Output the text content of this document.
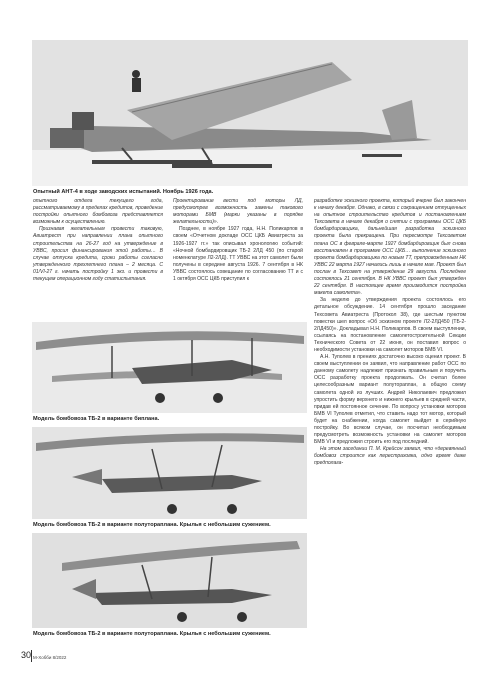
Опытный АНТ-4 в ходе заводских испытаний. Ноябрь 1926 года.
Модель бомбовоза ТБ-2 в варианте биплана.
Модель бомбовоза ТБ-2 в варианте полутораплана. Крылья с небольшим сужением.
Модель бомбовоза ТБ-2 в варианте полутораплана. Крылья с небольшим сужением.

опытного отдела текущего года, рассматриваемому в пределах кредитов, проведение постройки опытного бомбовоза представляется возможным к осуществлению.

Признавая желательным провести таковую, Авиатрест при направлении плана опытного строительства на 26-27 год на утверждение в УВВС, просил финансирования этой работы… В случае отпуска кредита, сроки работы согласно утвержденного трехлетнего плана – 2 месяца. С 01/VI-27 г. начать постройку 1 экз. и провести в текущем операционном году статиспытания.

Проектирование вести под моторы ЛД, предусмотрев возможность замены такового моторами БМВ (марки указаны в порядке желательности)».

Позднее, в ноябре 1927 года, Н.Н. Поликарпов в своем «Отчетном докладе ОСС ЦКБ Авиатреста за 1926-1927 гг.» так описывал хронологию событий: «Ночной бомбардировщик ТБ-2 2ЛД 450 (по старой номенклатуре Л2-2ЛД). ТТ УВВС на этот самолет были получены в середине августа 1926. 7 сентября в НК УВВС состоялось совещание по согласованию ТТ и с 1 октября ОСС ЦКБ приступил к

разработке эскизного проекта, который вчерне был закончен к началу декабря. Однако, в связи с сокращением отпущенных на опытное строительство кредитов и постановлением Техсовета в начале декабря о снятии с программы ОСС ЦКБ бомбардировщика, дальнейшая разработка эскизного проекта была прекращена. При пересмотре Техсоветом плана ОС в феврале-марте 1927 бомбардировщик был снова восстановлен в программе ОСС ЦКБ… выполнение эскизного проекта бомбардировщика по новым ТТ, препровожденным НК УВВС 22 марта 1927 начались лишь в начале мая. Проект был послан в Техсовет на утверждение 29 августа. Последнее состоялось 21 сентября. В НК УВВС проект был утвержден 22 сентября. В настоящее время производится постройка макета самолета».

За неделю до утверждения проекта состоялось его детальное обсуждение. 14 сентября прошло заседание Техсовета Авиатреста (Протокол 38), где шестым пунктом повестки шел вопрос «Об эскизном проекте Л2-2ЛД450 (ТБ-2-2ЛД450)». Докладывал Н.Н. Поликарпов. В своем выступлении, ссылаясь на постановление самолетостроительной Секции Технического Совета от 22 июня, он поставил вопрос о необходимости установки на самолет моторов БМВ VI.

А.Н. Туполев в прениях достаточно высоко оценил проект. В своем выступлении он заявил, что направление работ ОСС по данному самолету надлежит признать правильным и поручить ОСС разработку проекта продолжать. Он считал более целесообразным вариант полутораплан, а общую схему самолета одной из лучших. Андрей Николаевич предложил упростить форму верхнего и нижнего крыльев в средней части, придав ей постоянное сечение. По вопросу установки моторов БМВ VI Туполев отметил, что ставить надо тот мотор, который будет на снабжении, когда самолет выйдет в серийную постройку. Во всяком случае, он посчитал необходимым предусмотреть возможность установки на самолет моторов БМВ VI и предложил строить его под последний.

На этом заседании П. М. Крейсон заявил, что «деревянный бомбовоз строится как перестраховка, одно время даже предполага-

30 М-Хобби 8/2022
